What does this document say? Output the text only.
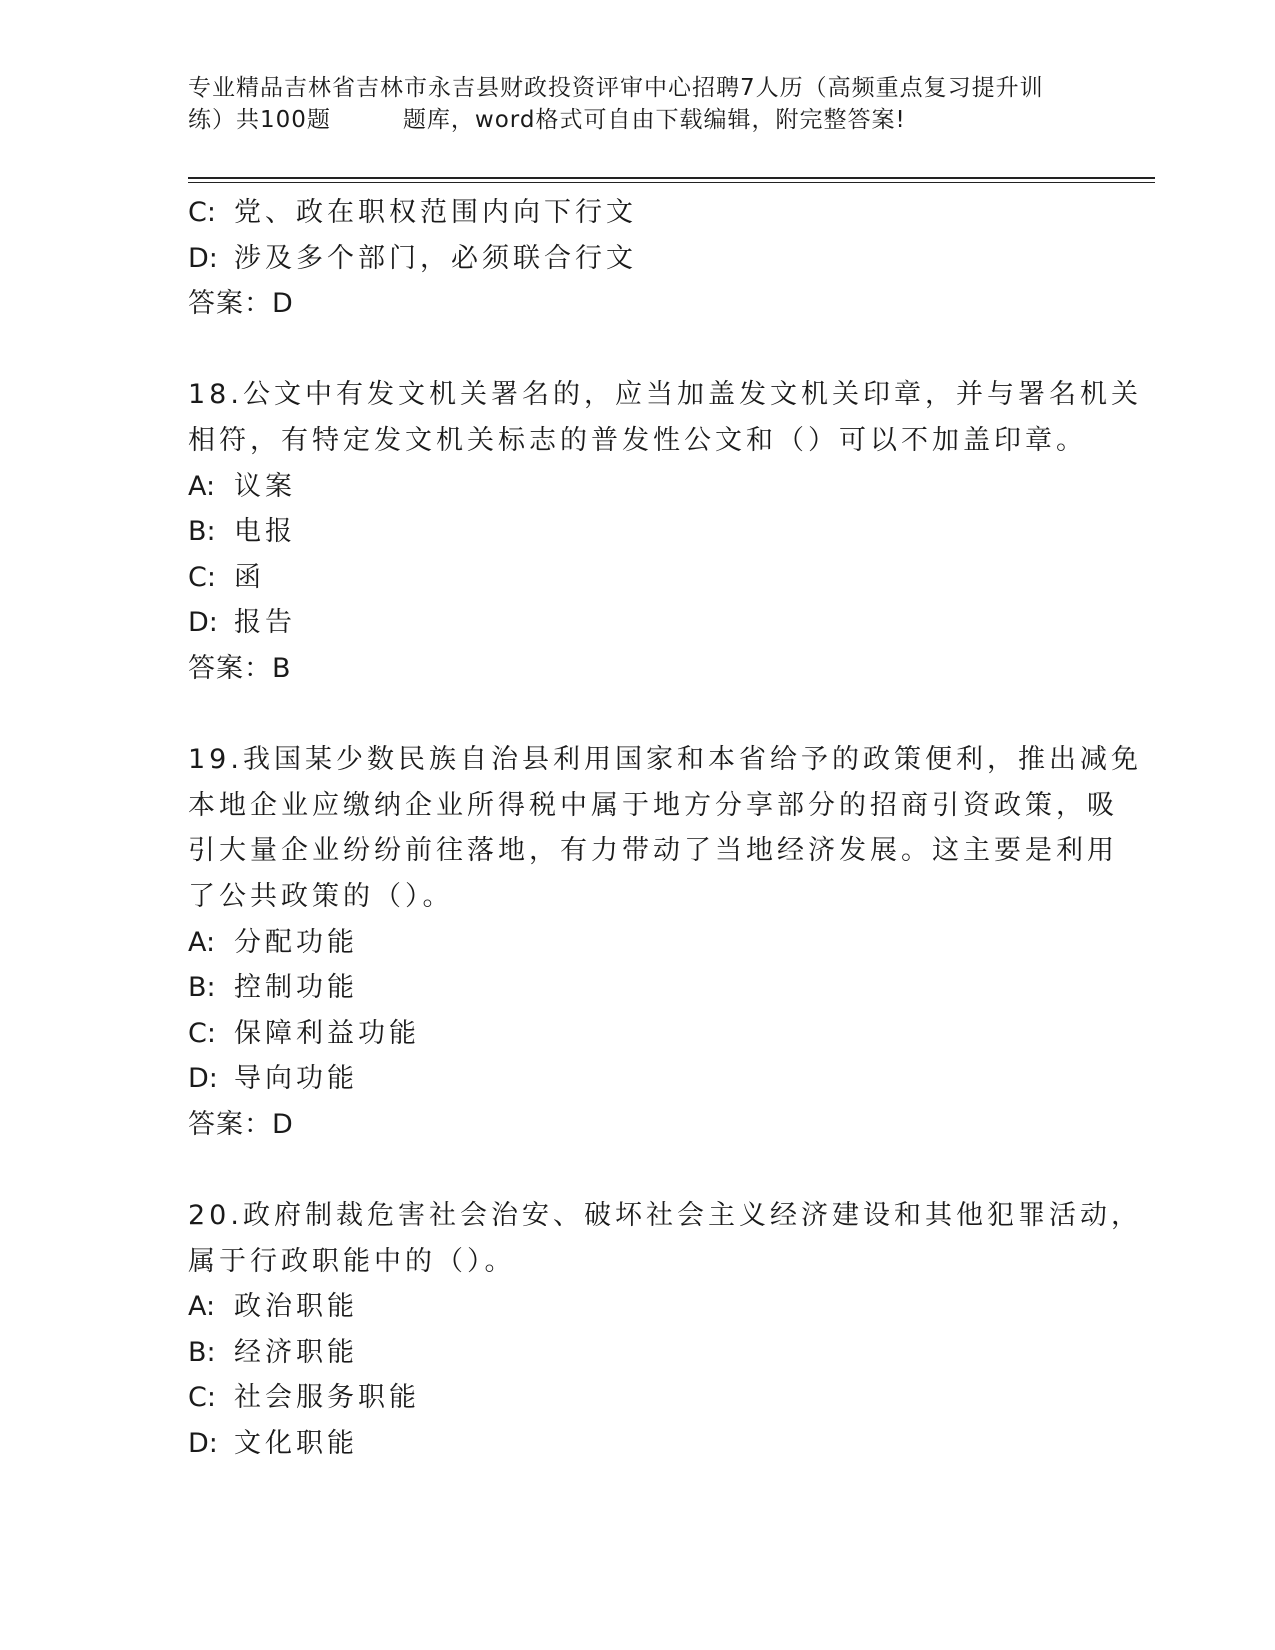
专业精品吉林省吉林市永吉县财政投资评审中心招聘7人历（高频重点复习提升训
练）共100题	题库，word格式可自由下载编辑，附完整答案!
C: 党、政在职权范围内向下行文
D: 涉及多个部门，必须联合行文
答案：D
18.公文中有发文机关署名的，应当加盖发文机关印章，并与署名机关
相符，有特定发文机关标志的普发性公文和（）可以不加盖印章。
A: 议案
B: 电报
C: 函
D: 报告
答案：B
19.我国某少数民族自治县利用国家和本省给予的政策便利，推出减免
本地企业应缴纳企业所得税中属于地方分享部分的招商引资政策，吸
引大量企业纷纷前往落地，有力带动了当地经济发展。这主要是利用
了公共政策的（）。
A: 分配功能
B: 控制功能
C: 保障利益功能
D: 导向功能
答案：D
20.政府制裁危害社会治安、破坏社会主义经济建设和其他犯罪活动，
属于行政职能中的（）。
A: 政治职能
B: 经济职能
C: 社会服务职能
D: 文化职能
